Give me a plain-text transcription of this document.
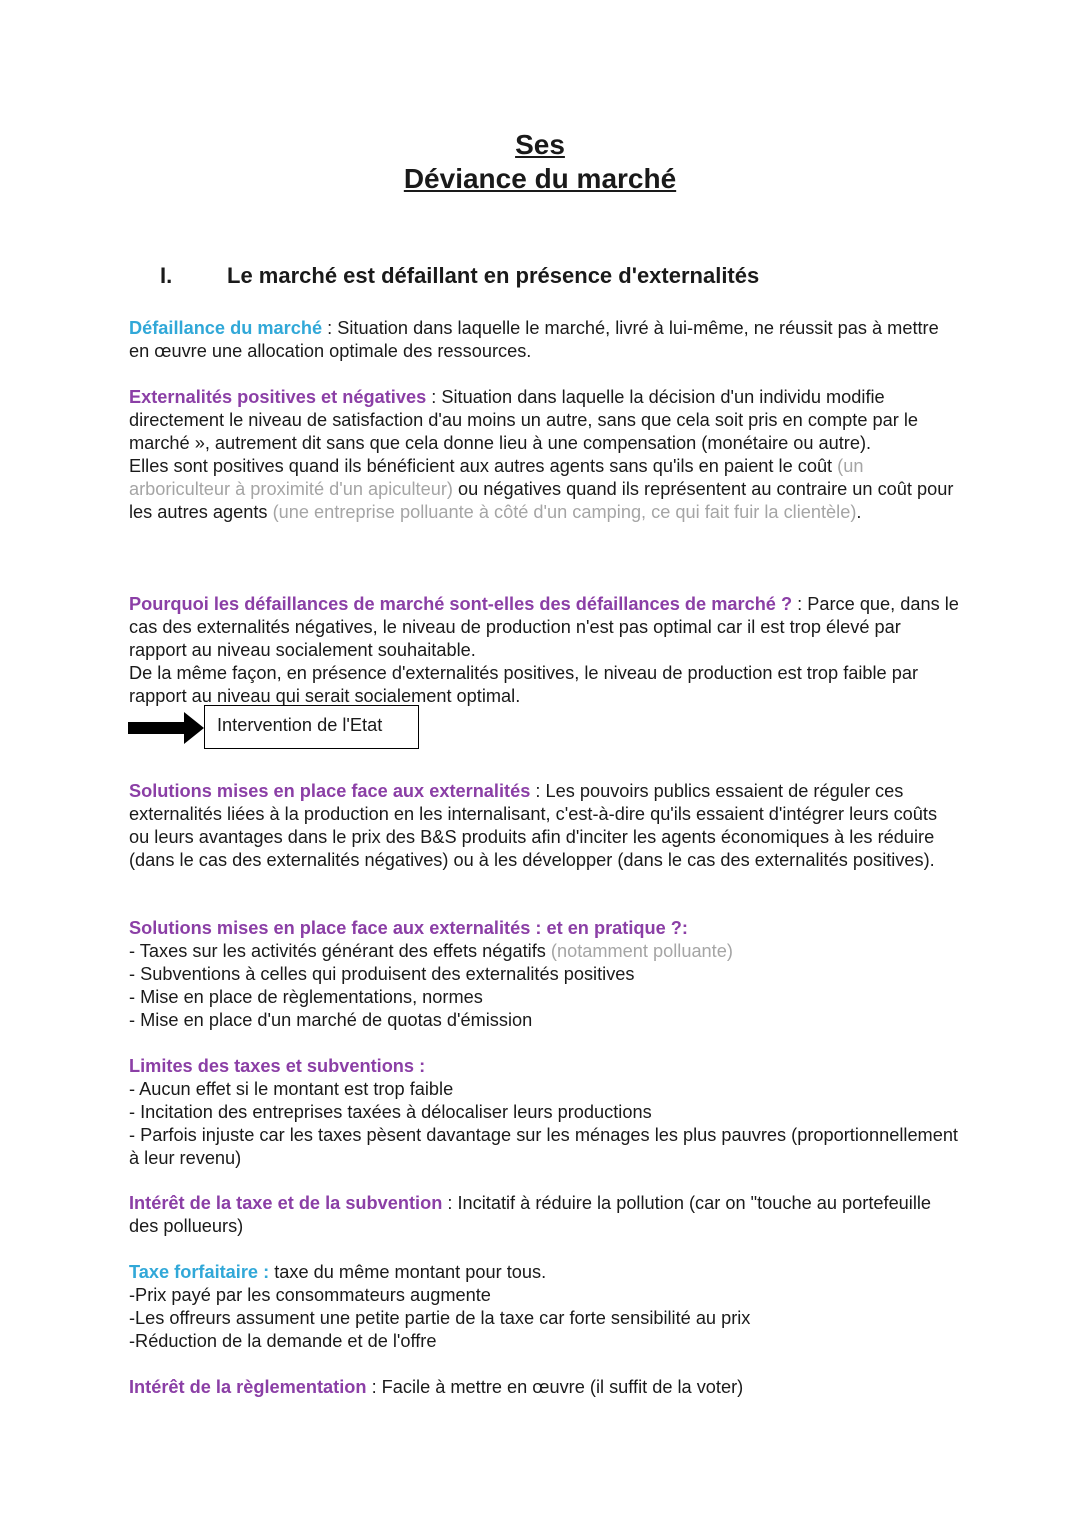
Ses
Déviance du marché
I. Le marché est défaillant en présence d'externalités

Défaillance du marché : Situation dans laquelle le marché, livré à lui-même, ne réussit pas à mettre en œuvre une allocation optimale des ressources.

Externalités positives et négatives : Situation dans laquelle la décision d'un individu modifie directement le niveau de satisfaction d'au moins un autre, sans que cela soit pris en compte par le marché », autrement dit sans que cela donne lieu à une compensation (monétaire ou autre).
Elles sont positives quand ils bénéficient aux autres agents sans qu'ils en paient le coût (un arboriculteur à proximité d'un apiculteur) ou négatives quand ils représentent au contraire un coût pour les autres agents (une entreprise polluante à côté d'un camping, ce qui fait fuir la clientèle).

Pourquoi les défaillances de marché sont-elles des défaillances de marché ? : Parce que, dans le cas des externalités négatives, le niveau de production n'est pas optimal car il est trop élevé par rapport au niveau socialement souhaitable.
De la même façon, en présence d'externalités positives, le niveau de production est trop faible par rapport au niveau qui serait socialement optimal.

Intervention de l'Etat

Solutions mises en place face aux externalités : Les pouvoirs publics essaient de réguler ces externalités liées à la production en les internalisant, c'est-à-dire qu'ils essaient d'intégrer leurs coûts ou leurs avantages dans le prix des B&S produits afin d'inciter les agents économiques à les réduire (dans le cas des externalités négatives) ou à les développer (dans le cas des externalités positives).

Solutions mises en place face aux externalités : et en pratique ?:
- Taxes sur les activités générant des effets négatifs (notamment polluante)
- Subventions à celles qui produisent des externalités positives
- Mise en place de règlementations, normes
- Mise en place d'un marché de quotas d'émission

Limites des taxes et subventions :
- Aucun effet si le montant est trop faible
- Incitation des entreprises taxées à délocaliser leurs productions
- Parfois injuste car les taxes pèsent davantage sur les ménages les plus pauvres (proportionnellement à leur revenu)

Intérêt de la taxe et de la subvention : Incitatif à réduire la pollution (car on "touche au portefeuille des pollueurs)

Taxe forfaitaire : taxe du même montant pour tous.
-Prix payé par les consommateurs augmente
-Les offreurs assument une petite partie de la taxe car forte sensibilité au prix
-Réduction de la demande et de l'offre

Intérêt de la règlementation : Facile à mettre en œuvre (il suffit de la voter)
